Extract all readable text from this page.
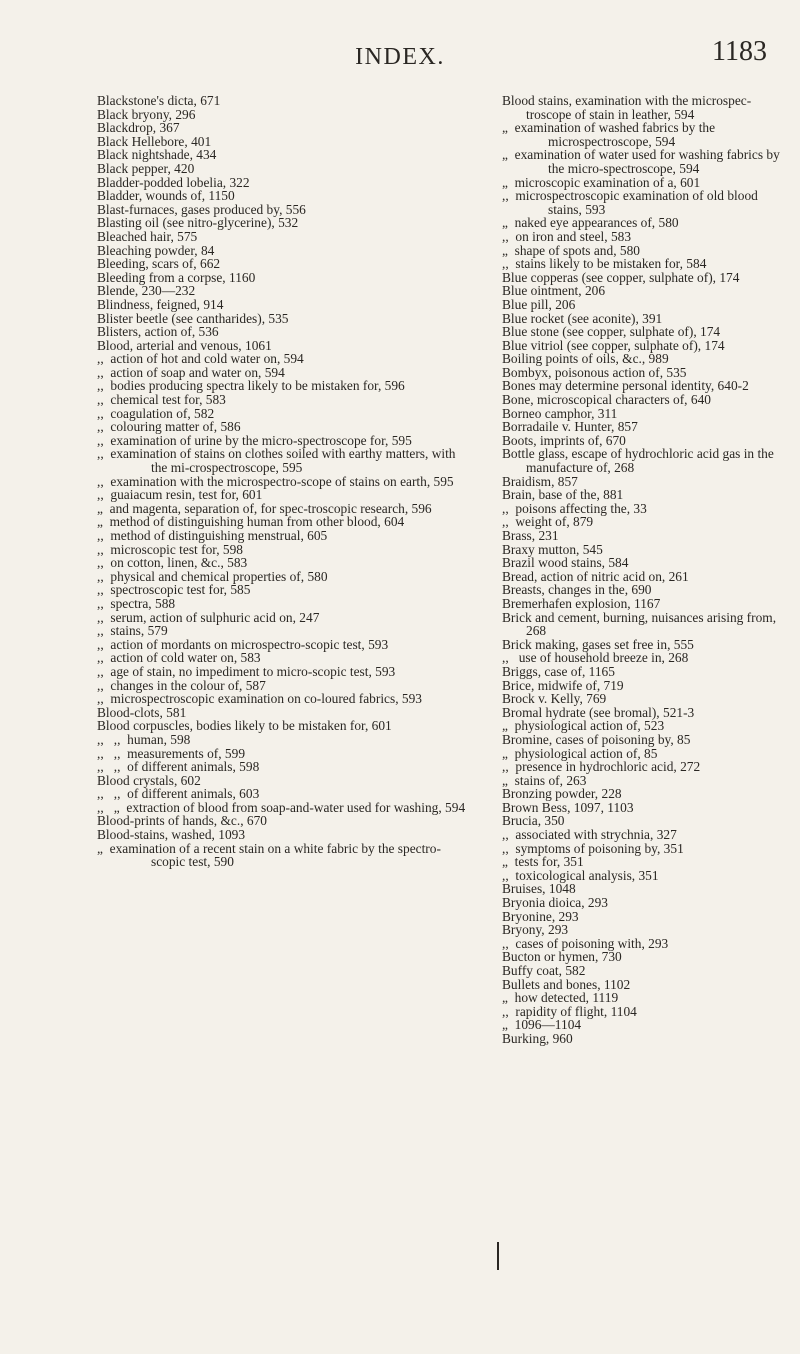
INDEX.	1183
Blackstone's dicta, 671
Black bryony, 296
Blackdrop, 367
Black Hellebore, 401
Black nightshade, 434
Black pepper, 420
Bladder-podded lobelia, 322
Bladder, wounds of, 1150
Blast-furnaces, gases produced by, 556
Blasting oil (see nitro-glycerine), 532
Bleached hair, 575
Bleaching powder, 84
Bleeding, scars of, 662
Bleeding from a corpse, 1160
Blende, 230—232
Blindness, feigned, 914
Blister beetle (see cantharides), 535
Blisters, action of, 536
Blood, arterial and venous, 1061
,,  action of hot and cold water on, 594
,,  action of soap and water on, 594
,,  bodies producing spectra likely to be mistaken for, 596
,,  chemical test for, 583
,,  coagulation of, 582
,,  colouring matter of, 586
,,  examination of urine by the micro-spectroscope for, 595
,,  examination of stains on clothes soiled with earthy matters, with the mi-crospectroscope, 595
,,  examination with the microspectro-scope of stains on earth, 595
,,  guaiacum resin, test for, 601
„  and magenta, separation of, for spec-troscopic research, 596
„  method of distinguishing human from other blood, 604
,,  method of distinguishing menstrual, 605
,,  microscopic test for, 598
,,  on cotton, linen, &c., 583
,,  physical and chemical properties of, 580
,,  spectroscopic test for, 585
,,  spectra, 588
,,  serum, action of sulphuric acid on, 247
,,  stains, 579
,,  action of mordants on microspectro-scopic test, 593
,,  action of cold water on, 583
,,  age of stain, no impediment to micro-scopic test, 593
,,  changes in the colour of, 587
,,  microspectroscopic examination on co-loured fabrics, 593
Blood-clots, 581
Blood corpuscles, bodies likely to be mistaken for, 601
,,   ,,  human, 598
,,   ,,  measurements of, 599
,,   ,,  of different animals, 598
Blood crystals, 602
,,   ,,  of different animals, 603
,,   „  extraction of blood from soap-and-water used for washing, 594
Blood-prints of hands, &c., 670
Blood-stains, washed, 1093
„  examination of a recent stain on a white fabric by the spectro-scopic test, 590
Blood stains, examination with the microspec-troscope of stain in leather, 594
„  examination of washed fabrics by the microspectroscope, 594
„  examination of water used for washing fabrics by the micro-spectroscope, 594
„  microscopic examination of a, 601
,,  microspectroscopic examination of old blood stains, 593
„  naked eye appearances of, 580
,,  on iron and steel, 583
„  shape of spots and, 580
,,  stains likely to be mistaken for, 584
Blue copperas (see copper, sulphate of), 174
Blue ointment, 206
Blue pill, 206
Blue rocket (see aconite), 391
Blue stone (see copper, sulphate of), 174
Blue vitriol (see copper, sulphate of), 174
Boiling points of oils, &c., 989
Bombyx, poisonous action of, 535
Bones may determine personal identity, 640-2
Bone, microscopical characters of, 640
Borneo camphor, 311
Borradaile v. Hunter, 857
Boots, imprints of, 670
Bottle glass, escape of hydrochloric acid gas in the manufacture of, 268
Braidism, 857
Brain, base of the, 881
,,  poisons affecting the, 33
,,  weight of, 879
Brass, 231
Braxy mutton, 545
Brazil wood stains, 584
Bread, action of nitric acid on, 261
Breasts, changes in the, 690
Bremerhafen explosion, 1167
Brick and cement, burning, nuisances arising from, 268
Brick making, gases set free in, 555
,,   use of household breeze in, 268
Briggs, case of, 1165
Brice, midwife of, 719
Brock v. Kelly, 769
Bromal hydrate (see bromal), 521-3
„  physiological action of, 523
Bromine, cases of poisoning by, 85
„  physiological action of, 85
,,  presence in hydrochloric acid, 272
„  stains of, 263
Bronzing powder, 228
Brown Bess, 1097, 1103
Brucia, 350
,,  associated with strychnia, 327
,,  symptoms of poisoning by, 351
„  tests for, 351
,,  toxicological analysis, 351
Bruises, 1048
Bryonia dioica, 293
Bryonine, 293
Bryony, 293
,,  cases of poisoning with, 293
Bucton or hymen, 730
Buffy coat, 582
Bullets and bones, 1102
„  how detected, 1119
,,  rapidity of flight, 1104
„  1096—1104
Burking, 960
